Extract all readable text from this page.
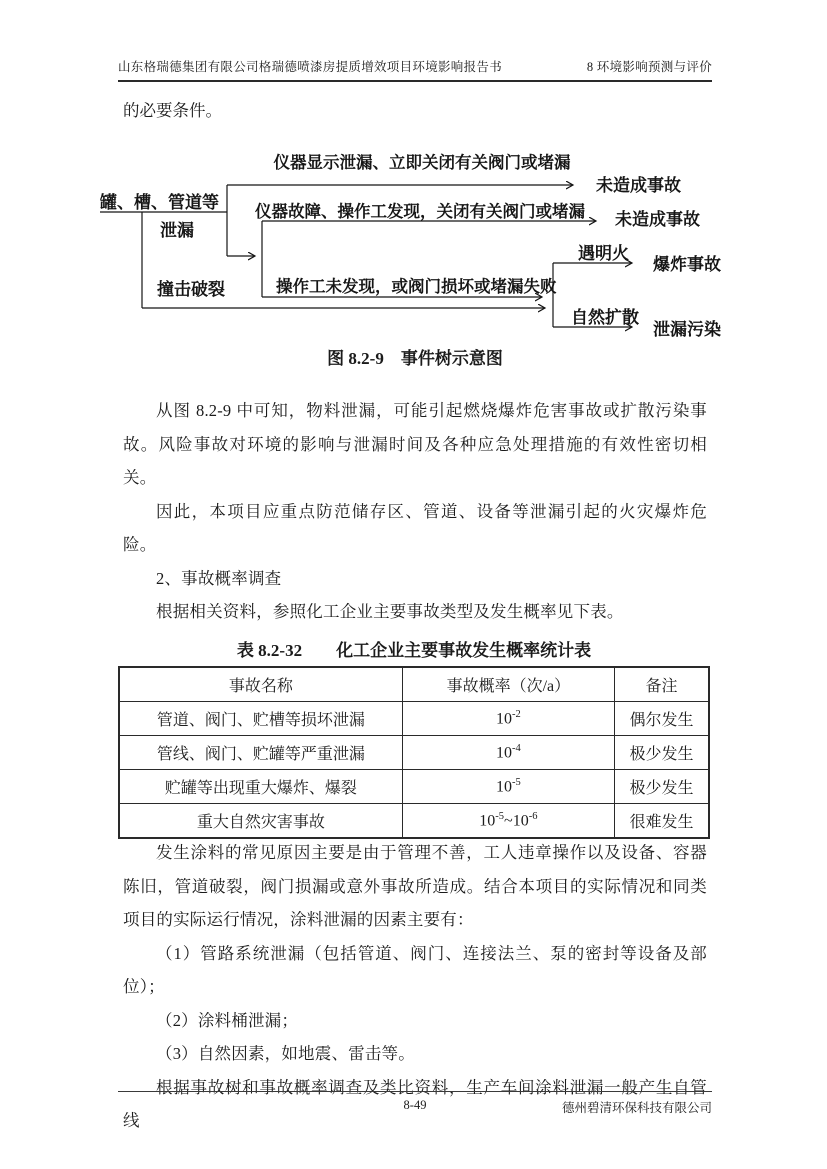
山东格瑞德集团有限公司格瑞德喷漆房提质增效项目环境影响报告书	8 环境影响预测与评价
的必要条件。
罐、槽、管道等
仪器显示泄漏、立即关闭有关阀门或堵漏
未造成事故
仪器故障、操作工发现，关闭有关阀门或堵漏 未造成事故
泄漏
撞击破裂	操作工未发现，或阀门损坏或堵漏失败
遇明火
爆炸事故
自然扩散
泄漏污染
图 8.2-9　事件树示意图

从图 8.2-9 中可知，物料泄漏，可能引起燃烧爆炸危害事故或扩散污染事故。风险事故对环境的影响与泄漏时间及各种应急处理措施的有效性密切相关。

因此，本项目应重点防范储存区、管道、设备等泄漏引起的火灾爆炸危险。

2、事故概率调查

根据相关资料，参照化工企业主要事故类型及发生概率见下表。

表 8.2-32　　化工企业主要事故发生概率统计表

事故名称	事故概率（次/a）	备注
管道、阀门、贮槽等损坏泄漏	$10^{-2}$	偶尔发生
管线、阀门、贮罐等严重泄漏	$10^{-4}$	极少发生
贮罐等出现重大爆炸、爆裂	$10^{-5}$	极少发生
重大自然灾害事故	$10^{-5}\sim 10^{-6}$	很难发生

发生涂料的常见原因主要是由于管理不善，工人违章操作以及设备、容器陈旧，管道破裂，阀门损漏或意外事故所造成。结合本项目的实际情况和同类项目的实际运行情况，涂料泄漏的因素主要有：

（1）管路系统泄漏（包括管道、阀门、连接法兰、泵的密封等设备及部位）；

（2）涂料桶泄漏；

（3）自然因素，如地震、雷击等。

根据事故树和事故概率调查及类比资料，生产车间涂料泄漏一般产生自管线

8-49	德州碧清环保科技有限公司
